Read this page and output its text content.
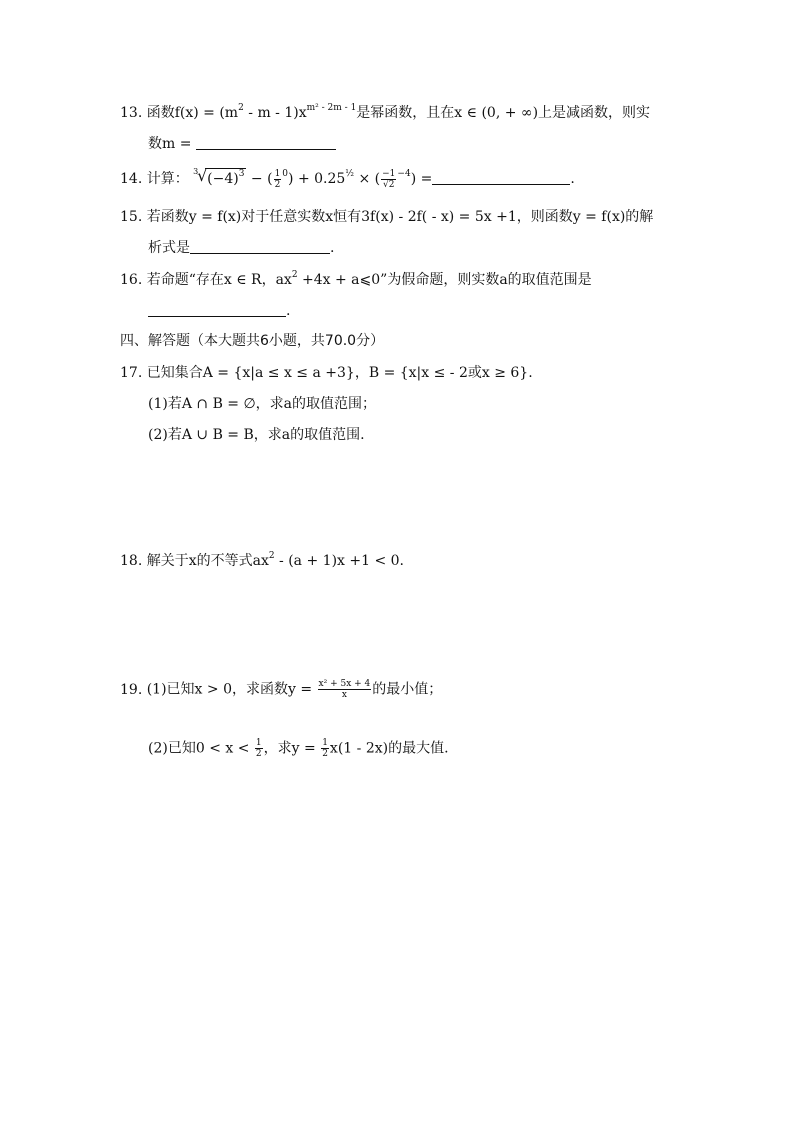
13. 函数$f(x) = (m^2 - m - 1)x^{m^2 - 2m - 1}$是幂函数，且在x ∈ (0, + ∞)上是减函数，则实
数m =
14. 计算： 3
√ $(-4)^3$ − ( $\frac{1}{2} ^0) + 0.25^{\frac{1}{2}}$ × ( $\frac{-1}{√2} ^{-4}$) =	.
15. 若函数y = f(x)对于任意实数x恒有3f(x) - 2f( - x) = 5x +1，则函数y = f(x)的解
析式是	.
16. 若命题“存在x ∈ R，$ax^2 +4x$ + a⩽0”为假命题，则实数a的取值范围是
.
四、解答题（本大题共6小题，共70.0分）
17. 已知集合A = {x|a ≤ x ≤ a +3}，B = {x|x ≤ - 2或x ≥ 6}.
(1)若A ∩ B = ∅，求a的取值范围；
(2)若A ∪ B = B，求a的取值范围.
18. 解关于x的不等式$ax^2 - (a + 1)x +1 < 0$.
19. (1)已知x > 0，求函数$y = \frac{\text{x² + 5x + 4}}{x}$ 的最小值；
(2)已知$0 < x < \frac{1}{2}$ ，求$y = \frac{1}{2} x(1 - 2x)$的最大值.
